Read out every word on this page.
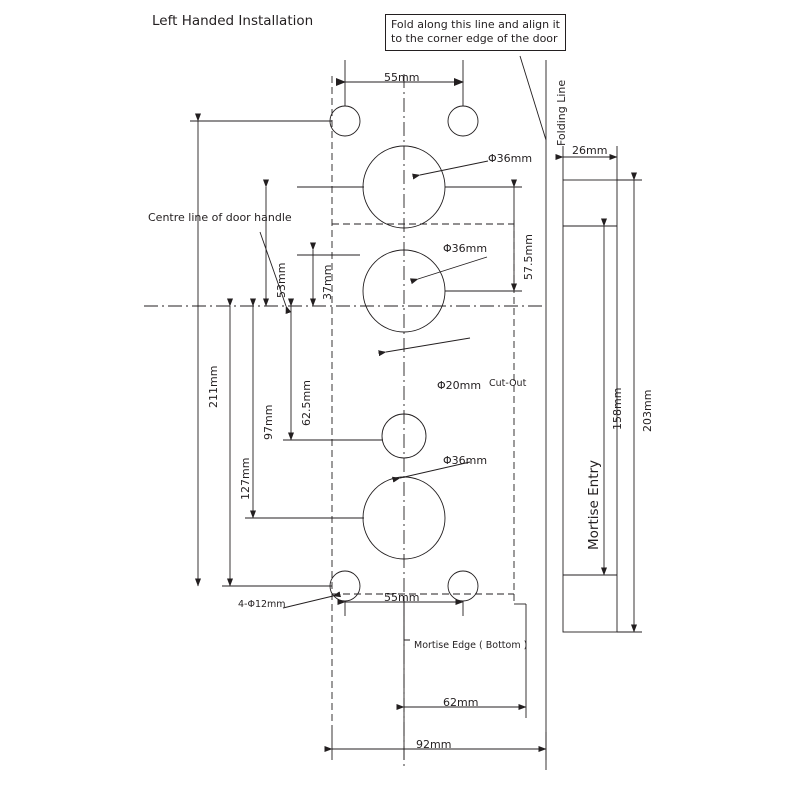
Left Handed Installation	Fold along this line and align it
to the corner edge of the door
55mm
55mm
Φ36mm
Φ36mm
Φ20mm Cut-Out
Φ36mm
Centre line of door handle
4-Φ12mm
Mortise Edge ( Bottom )
53mm	37mm
62.5mm
97mm
127mm
211mm
57.5mm
158mm 203mm
Folding Line
Mortise Entry
26mm
62mm
92mm
